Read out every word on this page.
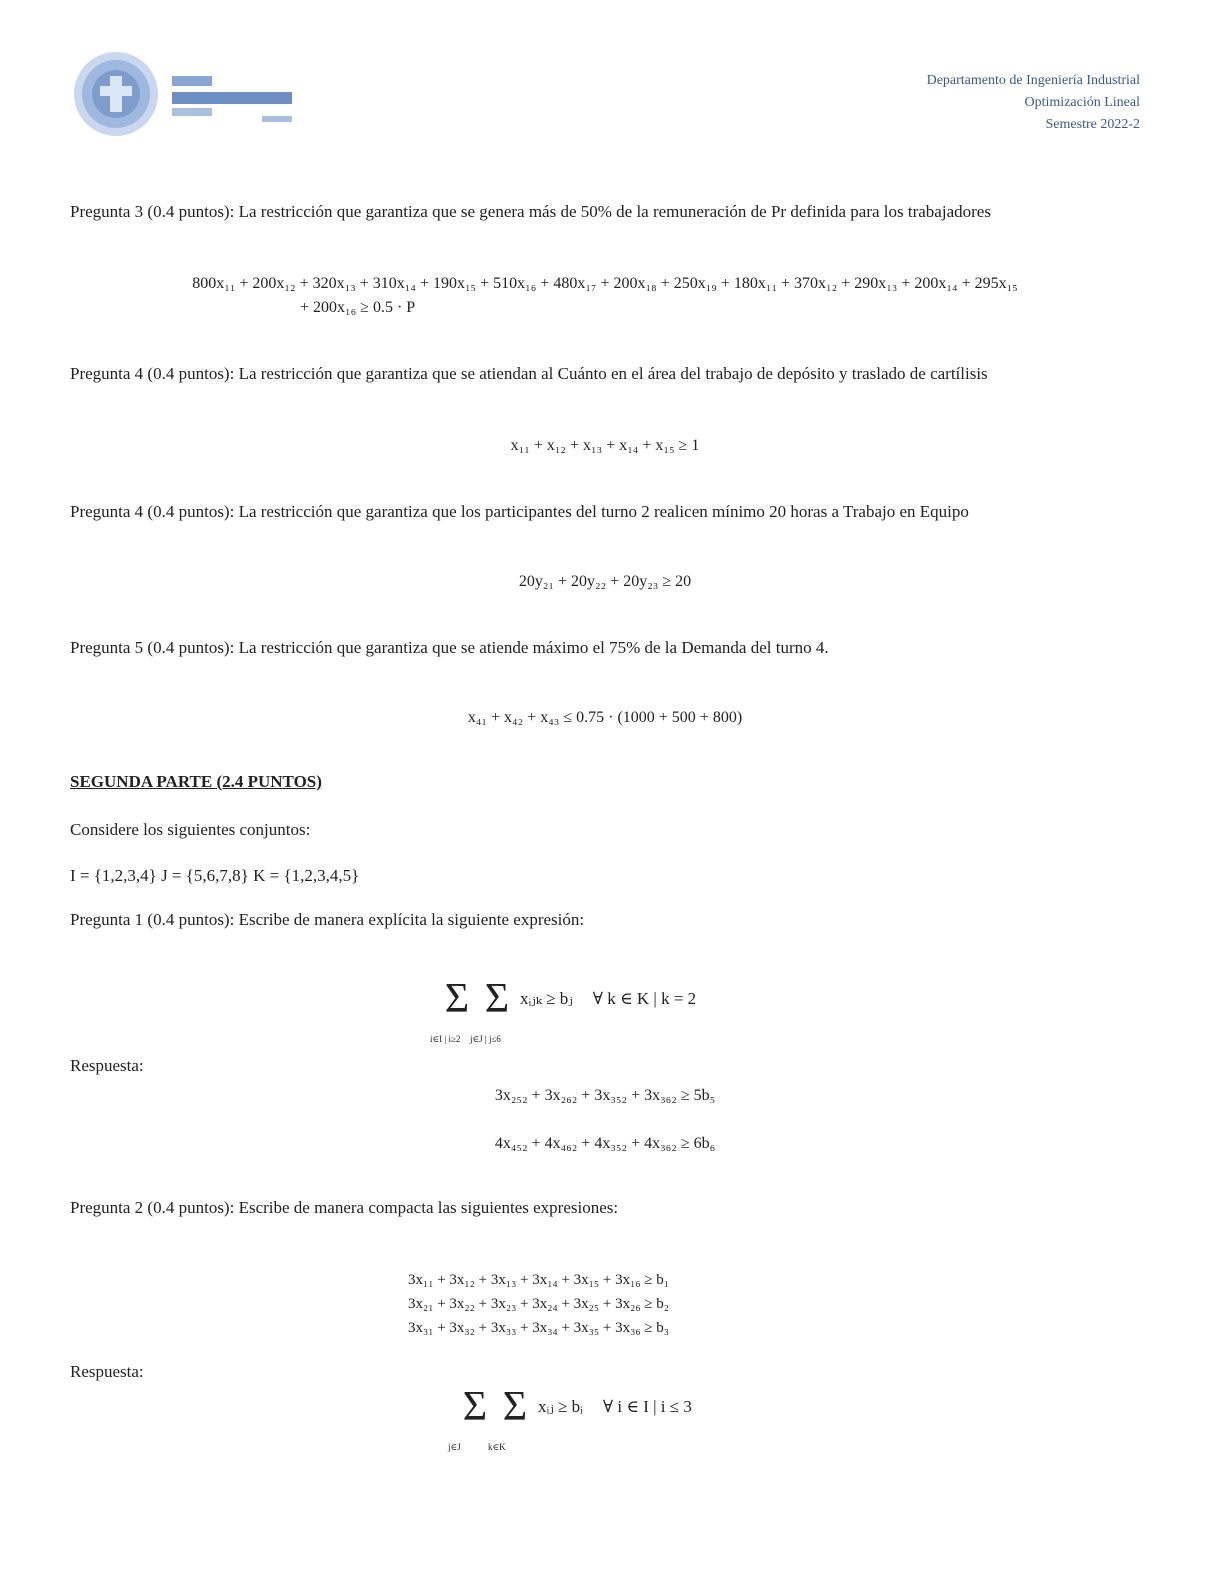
Departamento de Ingeniería Industrial
Optimización Lineal
Semestre 2022-2
Pregunta 3 (0.4 puntos): La restricción que garantiza que se genera más de 50% de la remuneración de Pr definida para los trabajadores
800x₁₁ + 200x₁₂ + 320x₁₃ + 310x₁₄ + 190x₁₅ + 510x₁₆ + 480x₁₇ + 200x₁₈ + 250x₁₉ + 180x₁₁ + 370x₁₂ + 290x₁₃ + 200x₁₄ + 295x₁₅
+ 200x₁₆ ≥ 0.5 · P
Pregunta 4 (0.4 puntos): La restricción que garantiza que se atiendan al Cuánto en el área del trabajo de depósito y traslado de cartílisis
x₁₁ + x₁₂ + x₁₃ + x₁₄ + x₁₅ ≥ 1
Pregunta 4 (0.4 puntos): La restricción que garantiza que los participantes del turno 2 realicen mínimo 20 horas a Trabajo en Equipo
20y₂₁ + 20y₂₂ + 20y₂₃ ≥ 20
Pregunta 5 (0.4 puntos): La restricción que garantiza que se atiende máximo el 75% de la Demanda del turno 4.
x₄₁ + x₄₂ + x₄₃ ≤ 0.75 · (1000 + 500 + 800)
SEGUNDA PARTE (2.4 PUNTOS)
Considere los siguientes conjuntos:
I = {1,2,3,4} J = {5,6,7,8} K = {1,2,3,4,5}
Pregunta 1 (0.4 puntos): Escribe de manera explícita la siguiente expresión:
Σ
i∈I | i≥2
Σ
j∈J | j≤6
xᵢⱼₖ ≥ bⱼ ∀ k ∈ K | k = 2
Respuesta:
3x₂₅₂ + 3x₂₆₂ + 3x₃₅₂ + 3x₃₆₂ ≥ 5b₅
4x₄₅₂ + 4x₄₆₂ + 4x₃₅₂ + 4x₃₆₂ ≥ 6b₆
Pregunta 2 (0.4 puntos): Escribe de manera compacta las siguientes expresiones:
3x₁₁ + 3x₁₂ + 3x₁₃ + 3x₁₄ + 3x₁₅ + 3x₁₆ ≥ b₁
3x₂₁ + 3x₂₂ + 3x₂₃ + 3x₂₄ + 3x₂₅ + 3x₂₆ ≥ b₂
3x₃₁ + 3x₃₂ + 3x₃₃ + 3x₃₄ + 3x₃₅ + 3x₃₆ ≥ b₃
Respuesta:
Σ
j∈J
Σ
k∈K
xᵢⱼ ≥ bᵢ ∀ i ∈ I | i ≤ 3
